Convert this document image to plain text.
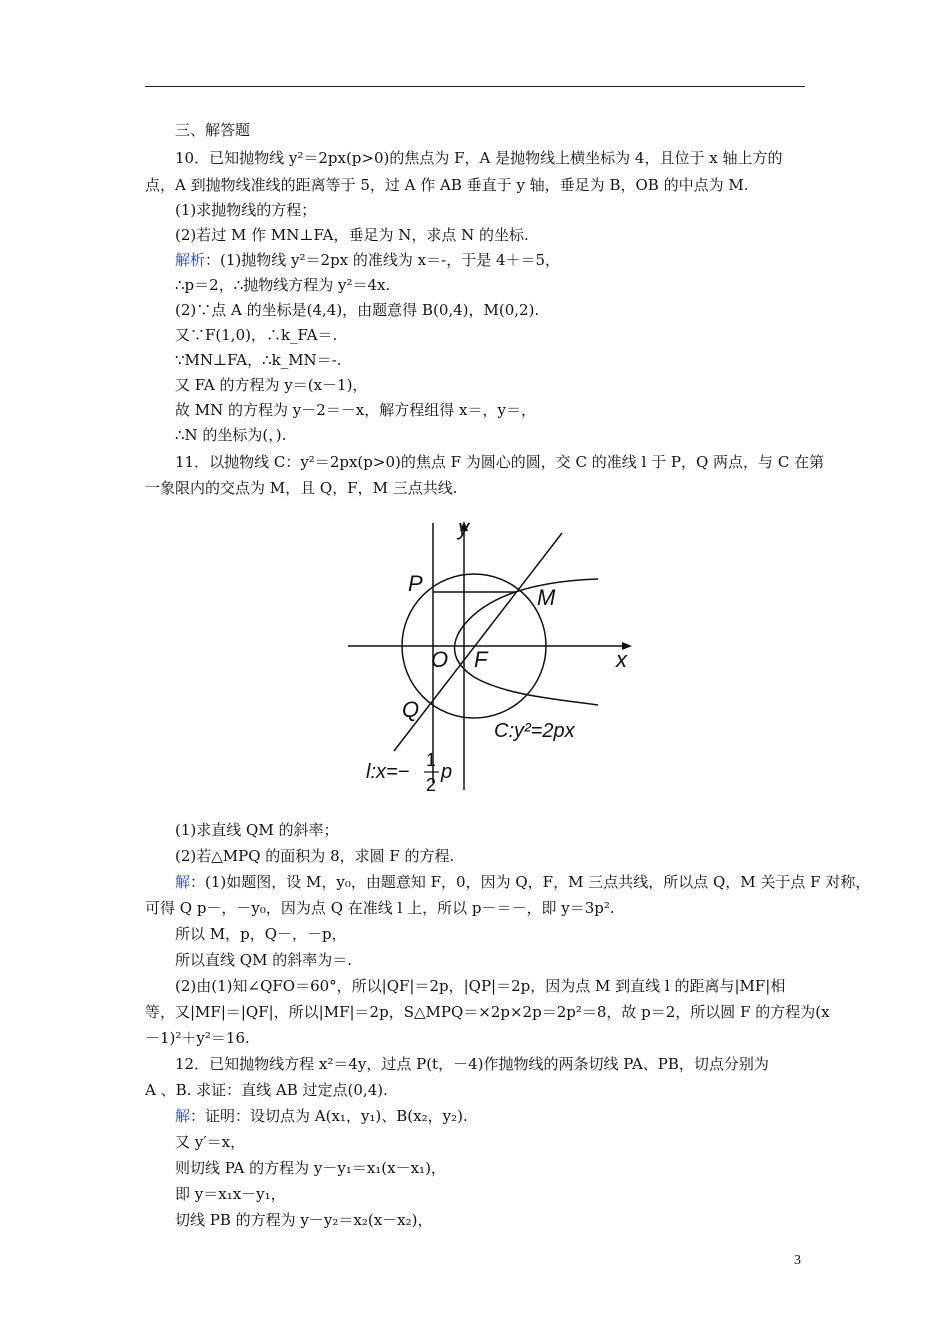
y
x
P
M
O F
Q
C:y²=2px
l:x=−
1
2
p
3
三、解答题
10．已知抛物线 y²＝2px(p>0)的焦点为 F，A 是抛物线上横坐标为 4，且位于 x 轴上方的
点，A 到抛物线准线的距离等于 5，过 A 作 AB 垂直于 y 轴，垂足为 B，OB 的中点为 M.
(1)求抛物线的方程；
(2)若过 M 作 MN⊥FA，垂足为 N，求点 N 的坐标.
解析：(1)抛物线 y²＝2px 的准线为 x＝-，于是 4＋＝5，
∴p＝2，∴抛物线方程为 y²＝4x.
(2)∵点 A 的坐标是(4,4)，由题意得 B(0,4)，M(0,2).
又∵F(1,0)，∴k_FA＝.
∵MN⊥FA，∴k_MN＝-.
又 FA 的方程为 y＝(x－1)，
故 MN 的方程为 y－2＝－x，解方程组得 x＝，y＝，
∴N 的坐标为(，).
11．以抛物线 C：y²＝2px(p>0)的焦点 F 为圆心的圆，交 C 的准线 l 于 P，Q 两点，与 C 在第
一象限内的交点为 M，且 Q，F，M 三点共线.
(1)求直线 QM 的斜率；
(2)若△MPQ 的面积为 8，求圆 F 的方程.
解：(1)如题图，设 M，y₀，由题意知 F，0，因为 Q，F，M 三点共线，所以点 Q，M 关于点 F 对称，
可得 Q p－，－y₀，因为点 Q 在准线 l 上，所以 p－＝－，即 y＝3p².
所以 M，p，Q－，－p，
所以直线 QM 的斜率为＝.
(2)由(1)知∠QFO＝60°，所以|QF|＝2p，|QP|＝2p，因为点 M 到直线 l 的距离与|MF|相
等，又|MF|＝|QF|，所以|MF|＝2p，S△MPQ＝×2p×2p＝2p²＝8，故 p＝2，所以圆 F 的方程为(x
－1)²＋y²＝16.
12．已知抛物线方程 x²＝4y，过点 P(t，－4)作抛物线的两条切线 PA、PB，切点分别为
A 、B. 求证：直线 AB 过定点(0,4).
解：证明：设切点为 A(x₁，y₁)、B(x₂，y₂).
又 y′＝x，
则切线 PA 的方程为 y－y₁＝x₁(x－x₁)，
即 y＝x₁x－y₁，
切线 PB 的方程为 y－y₂＝x₂(x－x₂)，
